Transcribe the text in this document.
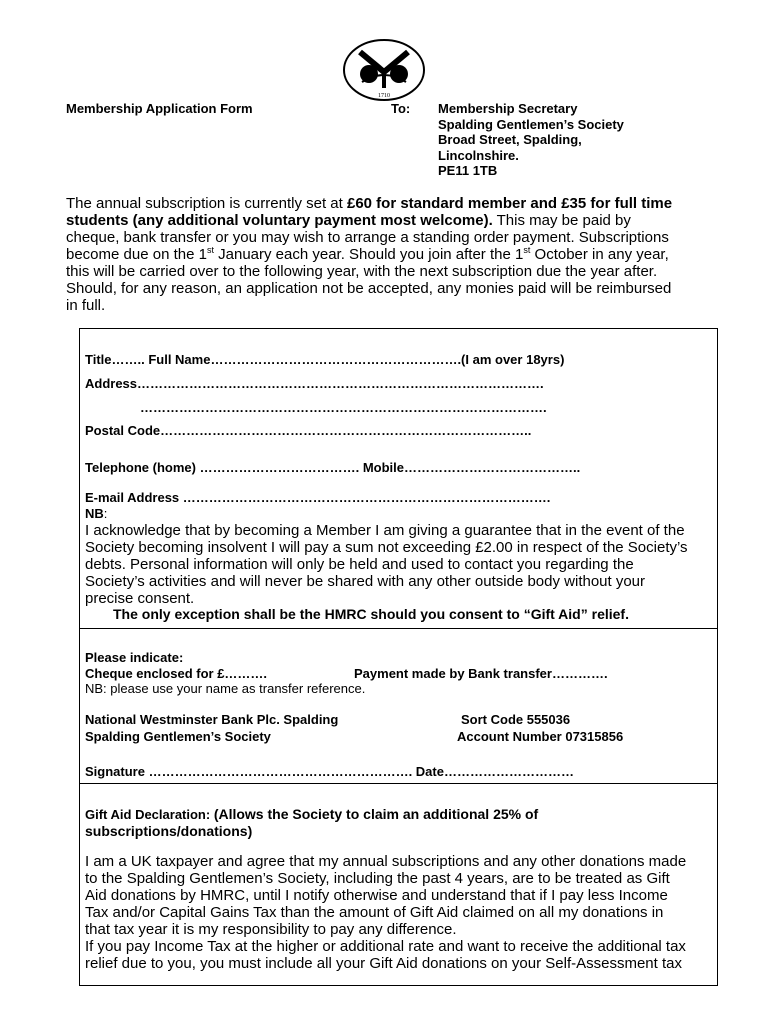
1710
Membership Application Form	To: Membership Secretary
Spalding Gentlemen’s Society
Broad Street, Spalding,
Lincolnshire.
PE11 1TB
The annual subscription is currently set at £60 for standard member and £35 for full time
students (any additional voluntary payment most welcome). This may be paid by
cheque, bank transfer or you may wish to arrange a standing order payment. Subscriptions
become due on the 1st January each year. Should you join after the 1st October in any year,
this will be carried over to the following year, with the next subscription due the year after.
Should, for any reason, an application not be accepted, any monies paid will be reimbursed
in full.
Title…….. Full Name………………………………………………….(I am over 18yrs)
Address………………………………………………………………………………….
………………………………………………………………………………….
Postal Code…………………………………………………………………………..
Telephone (home) ………………………………. Mobile…………………………………..
E-mail Address ………………………………………………………………………….
NB:
I acknowledge that by becoming a Member I am giving a guarantee that in the event of the
Society becoming insolvent I will pay a sum not exceeding £2.00 in respect of the Society’s
debts. Personal information will only be held and used to contact you regarding the
Society’s activities and will never be shared with any other outside body without your
precise consent.
The only exception shall be the HMRC should you consent to “Gift Aid” relief.
Please indicate:
Cheque enclosed for £……….	Payment made by Bank transfer………….
NB: please use your name as transfer reference.
National Westminster Bank Plc. Spalding	Sort Code 555036
Spalding Gentlemen’s Society	Account Number 07315856
Signature ……………………………………………………. Date…………………………
Gift Aid Declaration: (Allows the Society to claim an additional 25% of
subscriptions/donations)
I am a UK taxpayer and agree that my annual subscriptions and any other donations made
to the Spalding Gentlemen’s Society, including the past 4 years, are to be treated as Gift
Aid donations by HMRC, until I notify otherwise and understand that if I pay less Income
Tax and/or Capital Gains Tax than the amount of Gift Aid claimed on all my donations in
that tax year it is my responsibility to pay any difference.
If you pay Income Tax at the higher or additional rate and want to receive the additional tax
relief due to you, you must include all your Gift Aid donations on your Self-Assessment tax
